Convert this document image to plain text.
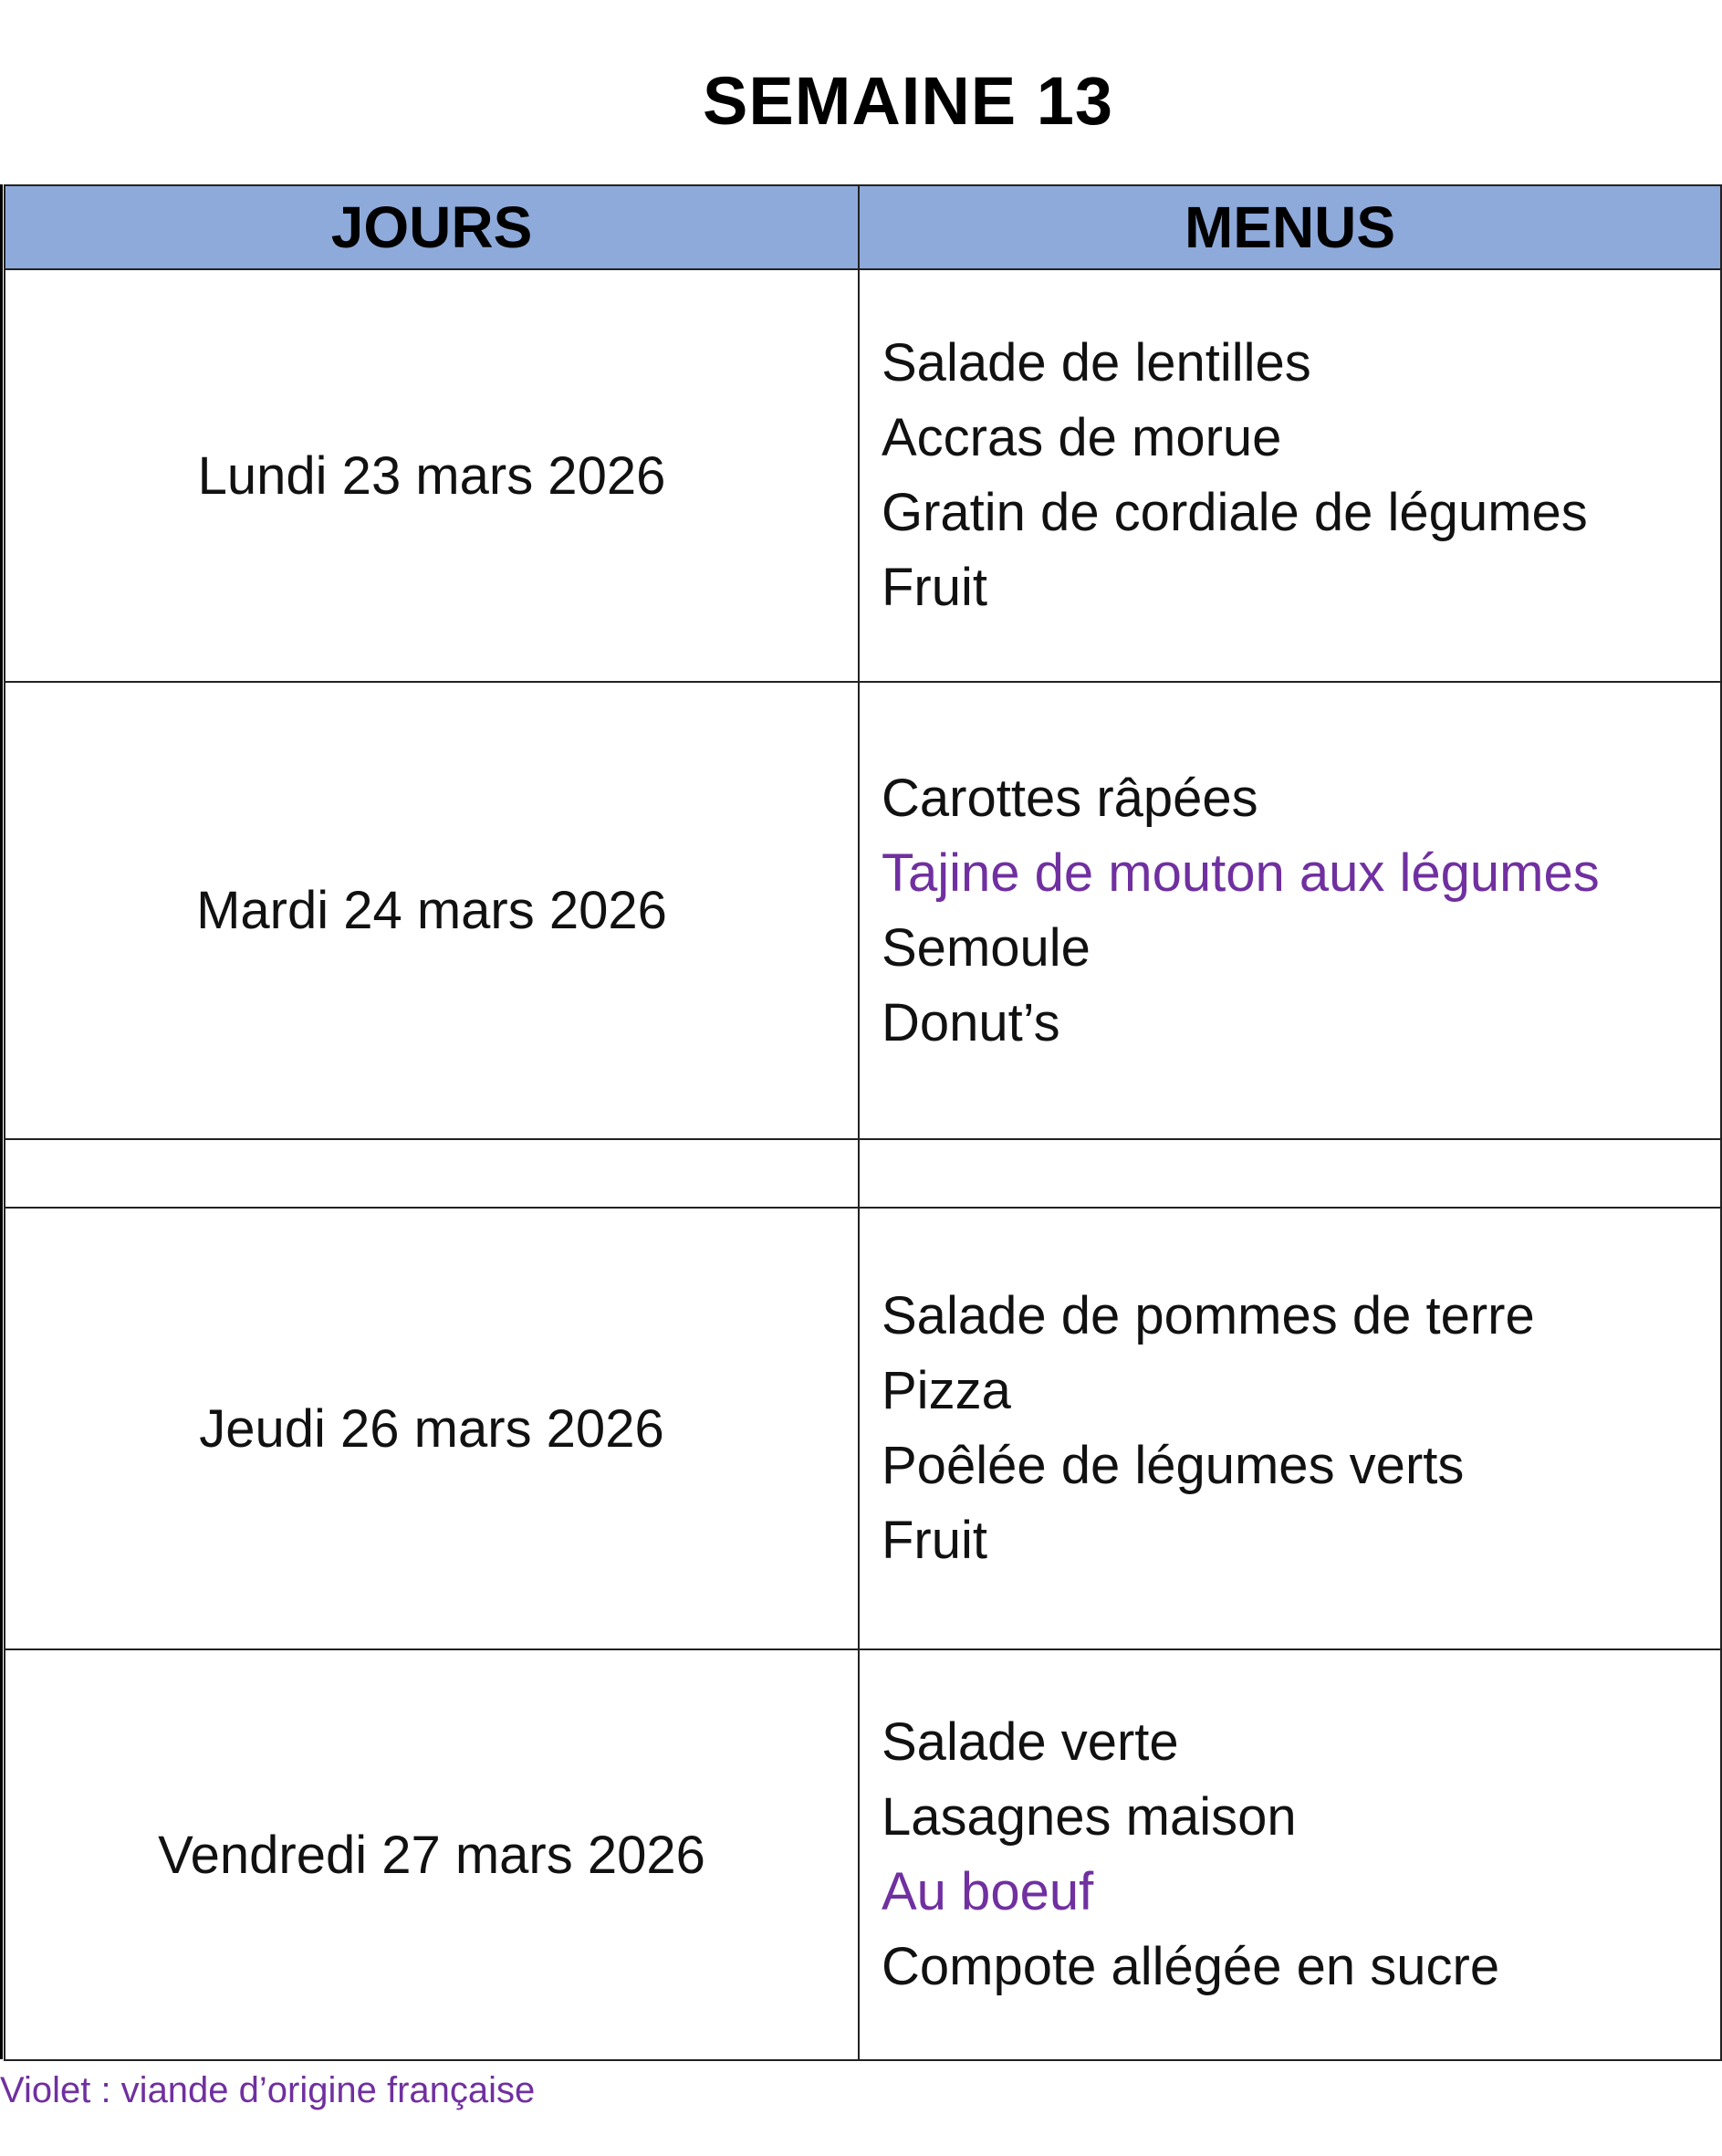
SEMAINE 13
JOURS	MENUS
Lundi 23 mars 2026	Salade de lentilles
Accras de morue
Gratin de cordiale de légumes
Fruit

Mardi 24 mars 2026	Carottes râpées
Tajine de mouton aux légumes
Semoule
Donut’s

Jeudi 26 mars 2026	Salade de pommes de terre
Pizza
Poêlée de légumes verts
Fruit

Vendredi 27 mars 2026	Salade verte
Lasagnes maison
Au boeuf
Compote allégée en sucre
Violet : viande d’origine française
